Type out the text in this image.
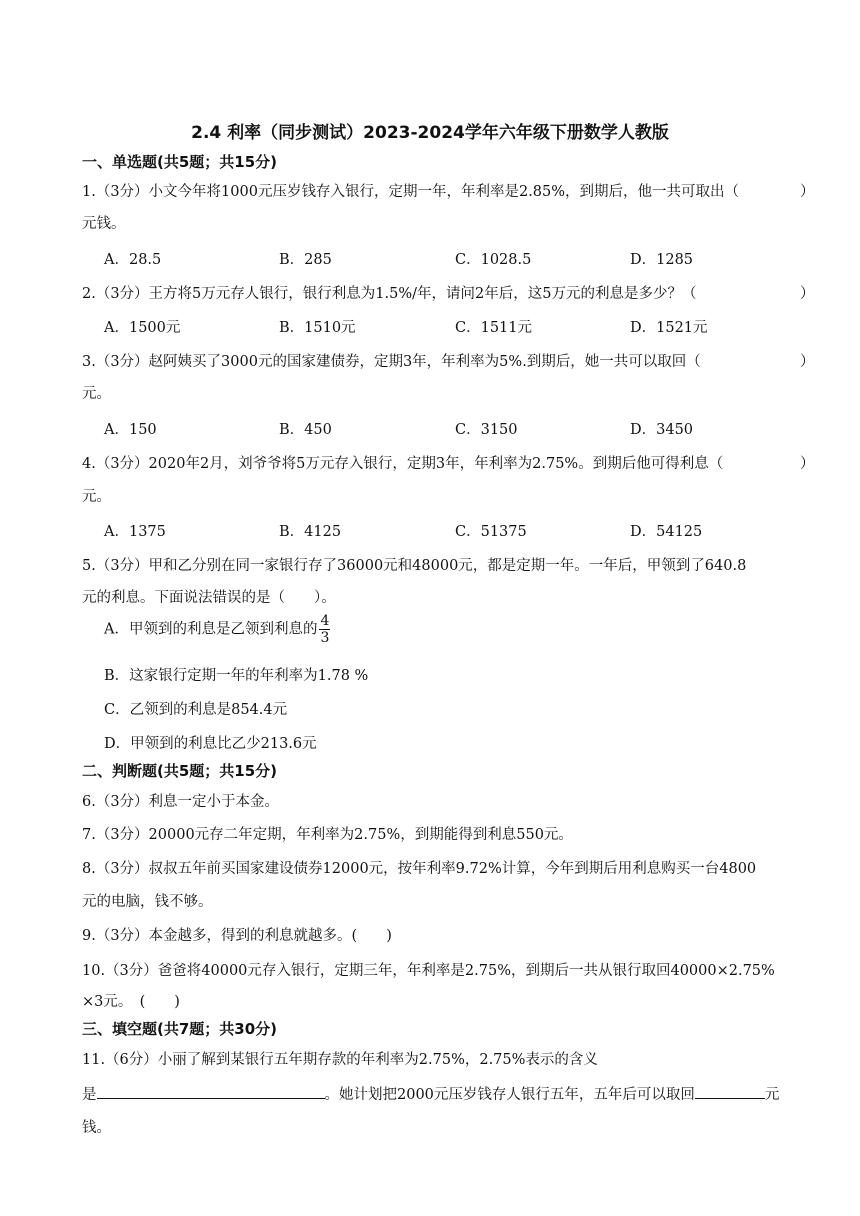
2.4 利率（同步测试）2023-2024学年六年级下册数学人教版
一、单选题(共5题；共15分)
1.（3分）小文今年将1000元压岁钱存入银行，定期一年，年利率是2.85%，到期后，他一共可取出（	）
元钱。
A．28.5	B．285	C．1028.5	D．1285
2.（3分）王方将5万元存人银行，银行利息为1.5%/年，请问2年后，这5万元的利息是多少？（	）
A．1500元	B．1510元	C．1511元	D．1521元
3.（3分）赵阿姨买了3000元的国家建债券，定期3年，年利率为5%.到期后，她一共可以取回（	）
元。
A．150	B．450	C．3150	D．3450
4.（3分）2020年2月，刘爷爷将5万元存入银行，定期3年，年利率为2.75%。到期后他可得利息（	）
元。
A．1375	B．4125	C．51375	D．54125
5.（3分）甲和乙分别在同一家银行存了36000元和48000元，都是定期一年。一年后，甲领到了640.8
元的利息。下面说法错误的是（　　）。
A．甲领到的利息是乙领到利息的 $\frac{4}{3}$
B．这家银行定期一年的年利率为1.78 %
C．乙领到的利息是854.4元
D．甲领到的利息比乙少213.6元
二、判断题(共5题；共15分)
6.（3分）利息一定小于本金。
7.（3分）20000元存二年定期，年利率为2.75%，到期能得到利息550元。
8.（3分）叔叔五年前买国家建设债券12000元，按年利率9.72%计算，今年到期后用利息购买一台4800
元的电脑，钱不够。
9.（3分）本金越多，得到的利息就越多。(　　)
10.（3分）爸爸将40000元存入银行，定期三年，年利率是2.75%，到期后一共从银行取回40000×2.75%
×3元。　(　　)
三、填空题(共7题；共30分)
11.（6分）小丽了解到某银行五年期存款的年利率为2.75%，2.75%表示的含义
是	。她计划把2000元压岁钱存人银行五年，五年后可以取回	元
钱。
